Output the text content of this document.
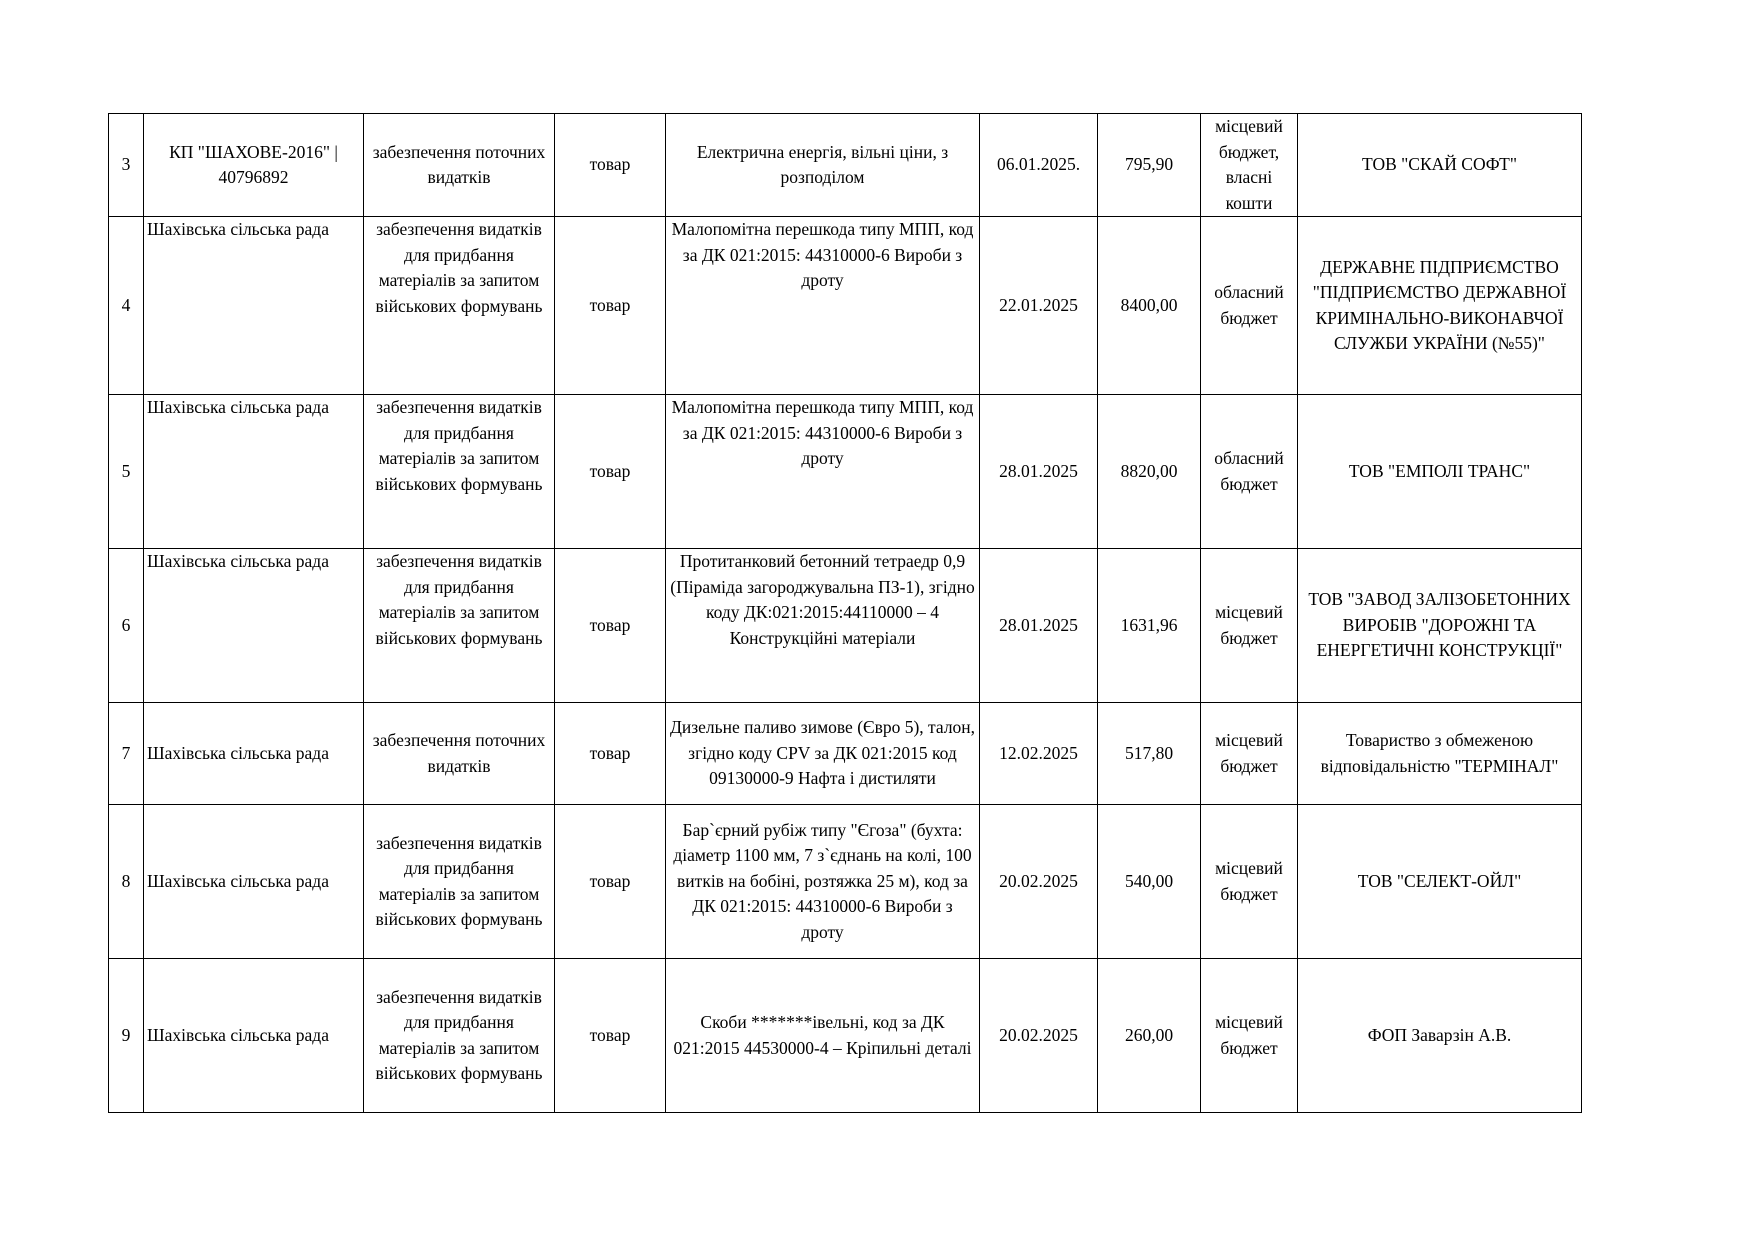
3	КП "ШАХОВЕ-2016" | 40796892	забезпечення поточних видатків	товар	Електрична енергія, вільні ціни, з розподілом	06.01.2025.	795,90	місцевий бюджет, власні кошти	ТОВ "СКАЙ СОФТ"
4	Шахівська сільська рада	забезпечення видатків для придбання матеріалів за запитом військових формувань	товар	Малопомітна перешкода типу МПП, код за ДК 021:2015: 44310000-6 Вироби з дроту	22.01.2025	8400,00	обласний бюджет	ДЕРЖАВНЕ ПІДПРИЄМСТВО "ПІДПРИЄМСТВО ДЕРЖАВНОЇ КРИМІНАЛЬНО-ВИКОНАВЧОЇ СЛУЖБИ УКРАЇНИ (№55)"
5	Шахівська сільська рада	забезпечення видатків для придбання матеріалів за запитом військових формувань	товар	Малопомітна перешкода типу МПП, код за ДК 021:2015: 44310000-6 Вироби з дроту	28.01.2025	8820,00	обласний бюджет	ТОВ "ЕМПОЛІ ТРАНС"
6	Шахівська сільська рада	забезпечення видатків для придбання матеріалів за запитом військових формувань	товар	Протитанковий бетонний тетраедр 0,9 (Піраміда загороджувальна ПЗ-1), згідно коду ДК:021:2015:44110000 – 4 Конструкційні матеріали	28.01.2025	1631,96	місцевий бюджет	ТОВ "ЗАВОД ЗАЛІЗОБЕТОННИХ ВИРОБІВ "ДОРОЖНІ ТА ЕНЕРГЕТИЧНІ КОНСТРУКЦІЇ"
7	Шахівська сільська рада	забезпечення поточних видатків	товар	Дизельне паливо зимове (Євро 5), талон, згідно коду CPV за ДК 021:2015 код 09130000-9 Нафта і дистиляти	12.02.2025	517,80	місцевий бюджет	Товариство з обмеженою відповідальністю "ТЕРМІНАЛ"
8	Шахівська сільська рада	забезпечення видатків для придбання матеріалів за запитом військових формувань	товар	Бар`єрний рубіж типу "Єгоза" (бухта: діаметр 1100 мм, 7 з`єднань на колі, 100 витків на бобіні, розтяжка 25 м), код за ДК 021:2015: 44310000-6 Вироби з дроту	20.02.2025	540,00	місцевий бюджет	ТОВ "СЕЛЕКТ-ОЙЛ"
9	Шахівська сільська рада	забезпечення видатків для придбання матеріалів за запитом військових формувань	товар	Скоби *******івельні, код за ДК 021:2015 44530000-4 – Кріпильні деталі	20.02.2025	260,00	місцевий бюджет	ФОП Заварзін А.В.
